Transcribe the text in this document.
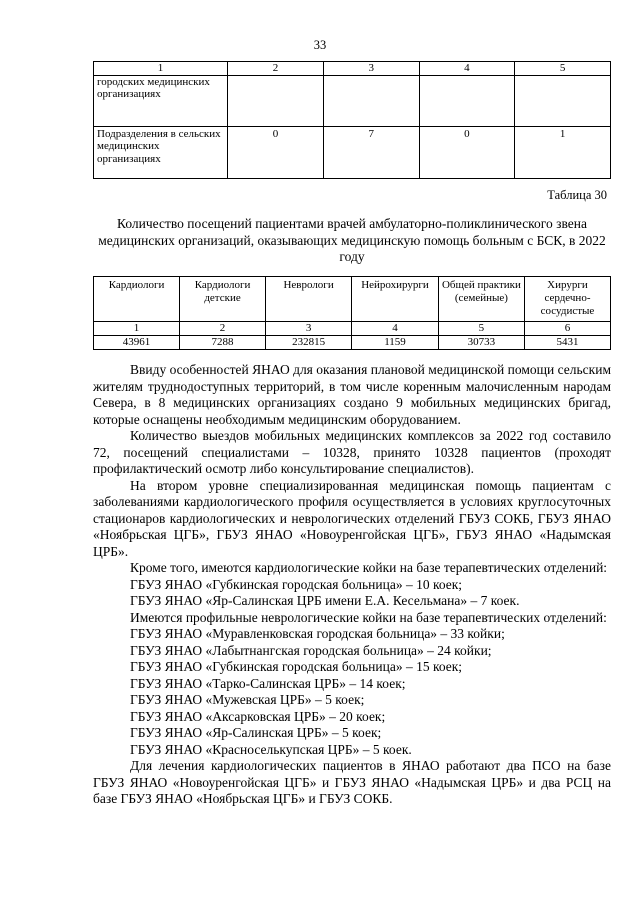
33
1	2	3	4	5
городских медицинских организациях				
Подразделения в сельских медицинских организациях	0	7	0	1
Таблица 30
Количество посещений пациентами врачей амбулаторно-поликлинического звена медицинских организаций, оказывающих медицинскую помощь больным с БСК, в 2022 году
Кардиологи	Кардиологи детские	Неврологи	Нейрохирурги	Общей практики (семейные)	Хирурги сердечно-сосудистые
1	2	3	4	5	6
43961	7288	232815	1159	30733	5431

Ввиду особенностей ЯНАО для оказания плановой медицинской помощи сельским жителям труднодоступных территорий, в том числе коренным малочисленным народам Севера, в 8 медицинских организациях создано 9 мобильных медицинских бригад, которые оснащены необходимым медицинским оборудованием.

Количество выездов мобильных медицинских комплексов за 2022 год составило 72, посещений специалистами – 10328, принято 10328 пациентов (проходят профилактический осмотр либо консультирование специалистов).

На втором уровне специализированная медицинская помощь пациентам с заболеваниями кардиологического профиля осуществляется в условиях круглосуточных стационаров кардиологических и неврологических отделений ГБУЗ СОКБ, ГБУЗ ЯНАО «Ноябрьская ЦГБ», ГБУЗ ЯНАО «Новоуренгойская ЦГБ», ГБУЗ ЯНАО «Надымская ЦРБ».

Кроме того, имеются кардиологические койки на базе терапевтических отделений:

ГБУЗ ЯНАО «Губкинская городская больница» – 10 коек;

ГБУЗ ЯНАО «Яр-Салинская ЦРБ имени Е.А. Кесельмана» – 7 коек.

Имеются профильные неврологические койки на базе терапевтических отделений:

ГБУЗ ЯНАО «Муравленковская городская больница» – 33 койки;

ГБУЗ ЯНАО «Лабытнангская городская больница» – 24 койки;

ГБУЗ ЯНАО «Губкинская городская больница» – 15 коек;

ГБУЗ ЯНАО «Тарко-Салинская ЦРБ» – 14 коек;

ГБУЗ ЯНАО «Мужевская ЦРБ» – 5 коек;

ГБУЗ ЯНАО «Аксарковская ЦРБ» – 20 коек;

ГБУЗ ЯНАО «Яр-Салинская ЦРБ» – 5 коек;

ГБУЗ ЯНАО «Красноселькупская ЦРБ» – 5 коек.

Для лечения кардиологических пациентов в ЯНАО работают два ПСО на базе ГБУЗ ЯНАО «Новоуренгойская ЦГБ» и ГБУЗ ЯНАО «Надымская ЦРБ» и два РСЦ на базе ГБУЗ ЯНАО «Ноябрьская ЦГБ» и ГБУЗ СОКБ.
